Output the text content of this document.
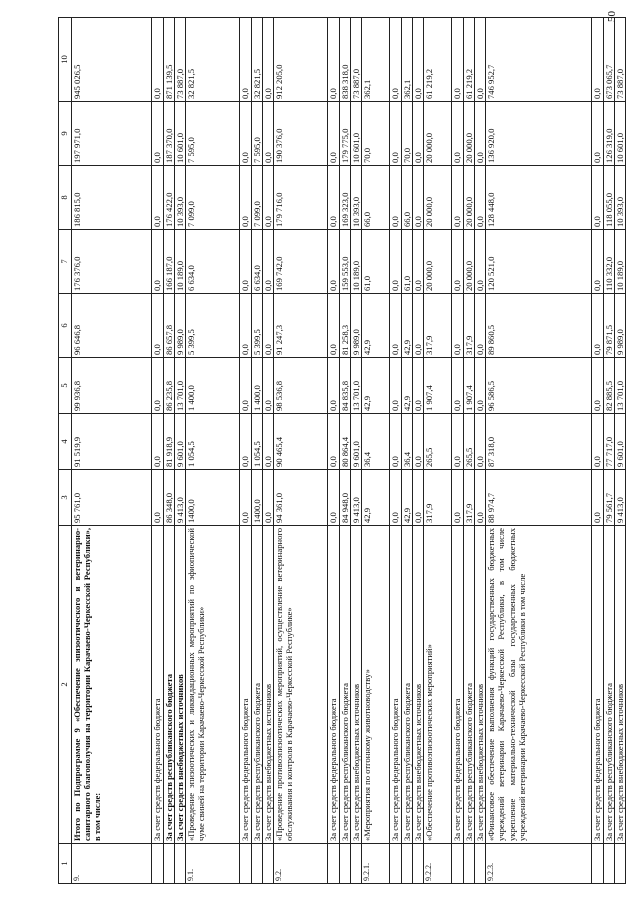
50
1	2	3	4	5	6	7	8	9	10
9.	Итого по Подпрограмме 9 «Обеспечение эпизоотического и ветеринарно-санитарного благополучия на территории Карачаево-Черкесской Республики», в том числе:	95 761,0	91 519,9	99 936,8	96 646,8	176 376,0	186 815,0	197 971,0	945 026,5
	За счет средств федерального бюджета	0,0	0,0	0,0	0,0	0,0	0,0	0,0	0,0
	За счет средств республиканского бюджета	86 348,0	81 918,9	86 235,8	86 657,8	166 187,0	176 422,0	187 370,0	871 139,5
	За счет средств внебюджетных источников	9 413,0	9 601,0	13 701,0	9 989,0	10 189,0	10 393,0	10 601,0	73 887,0
9.1.	«Проведение эпизоотических и ликвидационных мероприятий по эфиопической чуме свиней на территории Карачаево-Черкесской Республики»	1400,0	1 054,5	1 400,0	5 399,5	6 634,0	7 099,0	7 595,0	32 821,5
	За счет средств федерального бюджета	0,0	0,0	0,0	0,0	0,0	0,0	0,0	0,0
	За счет средств республиканского бюджета	1400,0	1 054,5	1 400,0	5 399,5	6 634,0	7 099,0	7 595,0	32 821,5
	За счет средств внебюджетных источников	0,0	0,0	0,0	0,0	0,0	0,0	0,0	0,0
9.2.	«Проведение противоэпизоотических мероприятий, осуществление ветеринарного обслуживания и контроля в Карачаево-Черкесской Республике»	94 361,0	90 465,4	98 536,8	91 247,3	169 742,0	179 716,0	190 376,0	912 205,0
	За счет средств федерального бюджета	0,0	0,0	0,0	0,0	0,0	0,0	0,0	0,0
	За счет средств республиканского бюджета	84 948,0	80 864,4	84 835,8	81 258,3	159 553,0	169 323,0	179 775,0	838 318,0
	За счет средств внебюджетных источников	9 413,0	9 601,0	13 701,0	9 989,0	10 189,0	10 393,0	10 601,0	73 887,0
9.2.1.	«Мероприятия по отгонному животноводству»	42,9	36,4	42,9	42,9	61,0	66,0	70,0	362,1
	За счет средств федерального бюджета	0,0	0,0	0,0	0,0	0,0	0,0	0,0	0,0
	За счет средств республиканского бюджета	42,9	36,4	42,9	42,9	61,0	66,0	70,0	362,1
	За счет средств внебюджетных источников	0,0	0,0	0,0	0,0	0,0	0,0	0,0	0,0
9.2.2.	«Обеспечение противоэпизоотических мероприятий»	317,9	265,5	1 907,4	317,9	20 000,0	20 000,0	20 000,0	61 219,2
	За счет средств федерального бюджета	0,0	0,0	0,0	0,0	0,0	0,0	0,0	0,0
	За счет средств республиканского бюджета	317,9	265,5	1 907,4	317,9	20 000,0	20 000,0	20 000,0	61 219,2
	За счет средств внебюджетных источников	0,0	0,0	0,0	0,0	0,0	0,0	0,0	0,0
9.2.3.	«Финансовое обеспечение выполнения функций государственных бюджетных учреждений ветеринарии Карачаево-Черкесской Республики, в том числе укрепление материально-технической базы государственных бюджетных учреждений ветеринарии Карачаево-Черкесской Республики в том числе	88 974,7	87 318,0	96 586,5	89 860,5	120 521,0	128 448,0	136 920,0	746 952,7
	За счет средств федерального бюджета	0,0	0,0	0,0	0,0	0,0	0,0	0,0	0,0
	За счет средств республиканского бюджета	79 561,7	77 717,0	82 885,5	79 871,5	110 332,0	118 055,0	126 319,0	673 065,7
	За счет средств внебюджетных источников	9 413,0	9 601,0	13 701,0	9 989,0	10 189,0	10 393,0	10 601,0	73 887,0
